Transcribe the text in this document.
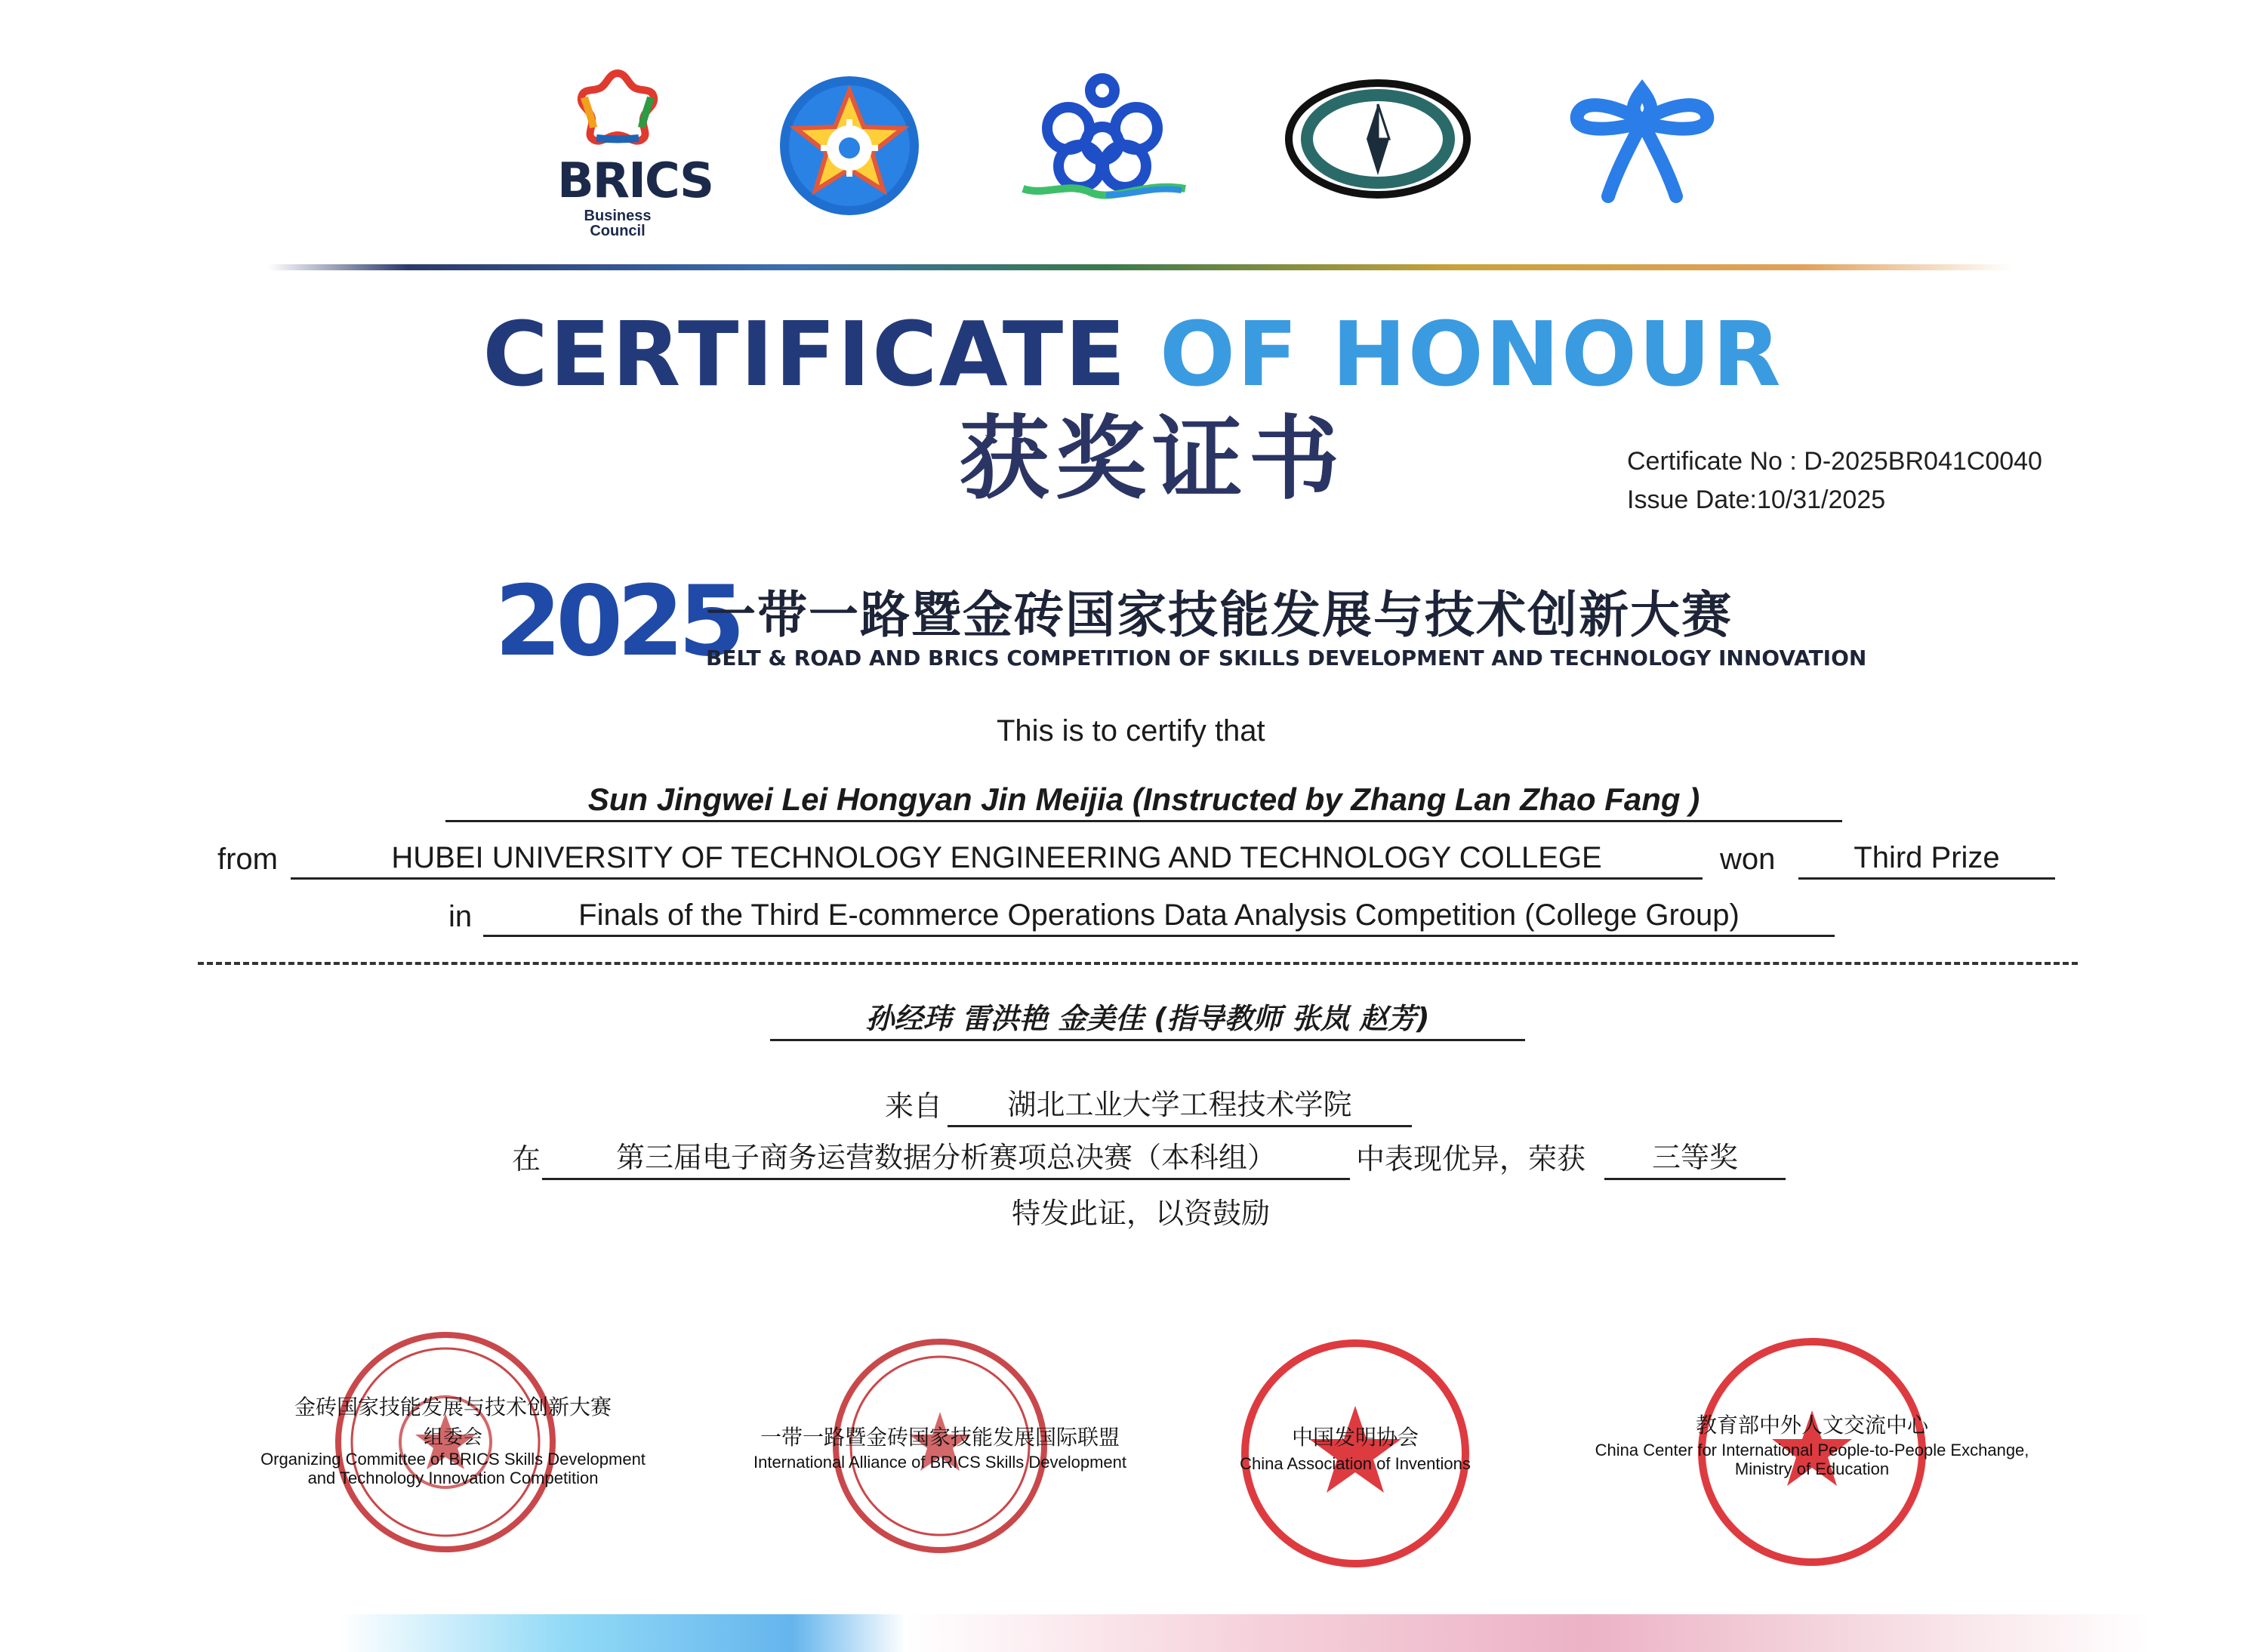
BRICS
Business Council
CERTIFICATE OF HONOUR
获奖证书	Certificate No : D-2025BR041C0040
Issue Date:10/31/2025
2025
一带一路暨金砖国家技能发展与技术创新大赛
BELT & ROAD AND BRICS COMPETITION OF SKILLS DEVELOPMENT AND TECHNOLOGY INNOVATION
This is to certify that
Sun Jingwei Lei Hongyan Jin Meijia (Instructed by Zhang Lan Zhao Fang )
from	HUBEI UNIVERSITY OF TECHNOLOGY ENGINEERING AND TECHNOLOGY COLLEGE	won	Third Prize
in	Finals of the Third E-commerce Operations Data Analysis Competition (College Group)
孙经玮 雷洪艳 金美佳 (指导教师 张岚 赵芳)
来自	湖北工业大学工程技术学院
在	第三届电子商务运营数据分析赛项总决赛（本科组）	中表现优异，荣获	三等奖
特发此证，以资鼓励
金砖国家技能发展与技术创新大赛
组委会
Organizing Committee of BRICS Skills Development
and Technology Innovation Competition
一带一路暨金砖国家技能发展国际联盟
International Alliance of BRICS Skills Development
中国发明协会
China Association of Inventions
教育部中外人文交流中心
China Center for International People-to-People Exchange,
Ministry of Education
